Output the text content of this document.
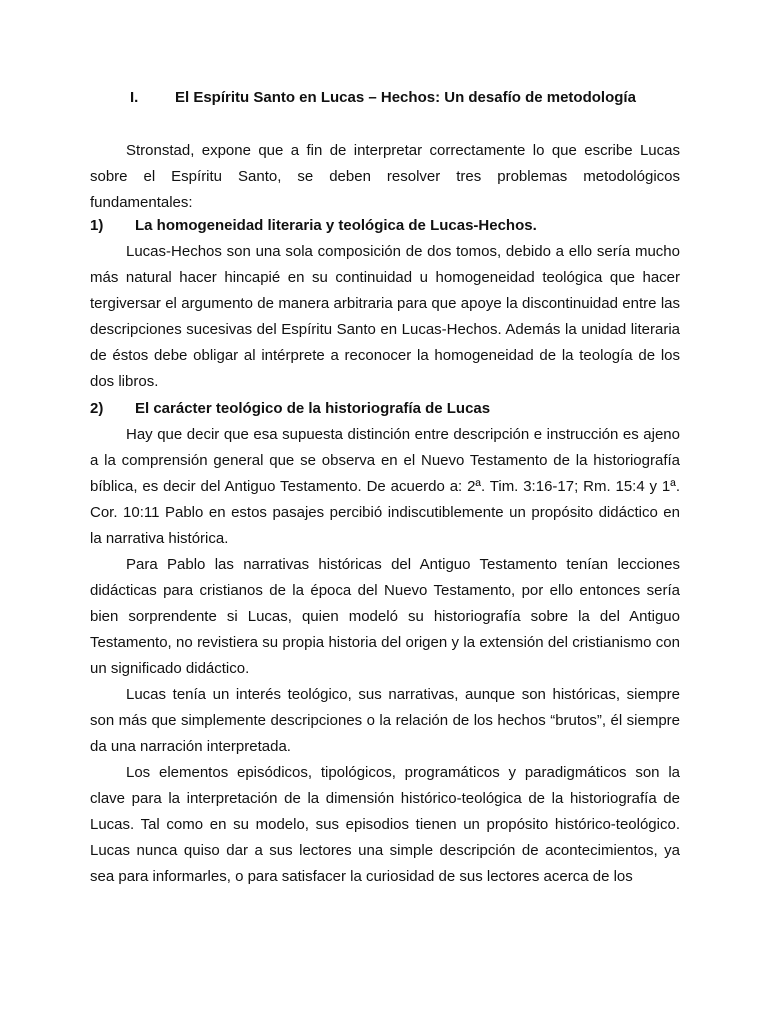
I. El Espíritu Santo en Lucas – Hechos: Un desafío de metodología

Stronstad, expone que a fin de interpretar correctamente lo que escribe Lucas sobre el Espíritu Santo, se deben resolver tres problemas metodológicos fundamentales:

1)	La homogeneidad literaria y teológica de Lucas-Hechos.

Lucas-Hechos son una sola composición de dos tomos, debido a ello sería mucho más natural hacer hincapié en su continuidad u homogeneidad teológica que hacer tergiversar el argumento de manera arbitraria para que apoye la discontinuidad entre las descripciones sucesivas del Espíritu Santo en Lucas-Hechos. Además la unidad literaria de éstos debe obligar al intérprete a reconocer la homogeneidad de la teología de los dos libros.

2)	El carácter teológico de la historiografía de Lucas

Hay que decir que esa supuesta distinción entre descripción e instrucción es ajeno a la comprensión general que se observa en el Nuevo Testamento de la historiografía bíblica, es decir del Antiguo Testamento. De acuerdo a: 2ª. Tim. 3:16-17; Rm. 15:4 y 1ª. Cor. 10:11 Pablo en estos pasajes percibió indiscutiblemente un propósito didáctico en la narrativa histórica.

Para Pablo las narrativas históricas del Antiguo Testamento tenían lecciones didácticas para cristianos de la época del Nuevo Testamento, por ello entonces sería bien sorprendente si Lucas, quien modeló su historiografía sobre la del Antiguo Testamento, no revistiera su propia historia del origen y la extensión del cristianismo con un significado didáctico.

Lucas tenía un interés teológico, sus narrativas, aunque son históricas, siempre son más que simplemente descripciones o la relación de los hechos “brutos”, él siempre da una narración interpretada.

Los elementos episódicos, tipológicos, programáticos y paradigmáticos son la clave para la interpretación de la dimensión histórico-teológica de la historiografía de Lucas. Tal como en su modelo, sus episodios tienen un propósito histórico-teológico. Lucas nunca quiso dar a sus lectores una simple descripción de acontecimientos, ya sea para informarles, o para satisfacer la curiosidad de sus lectores acerca de los
